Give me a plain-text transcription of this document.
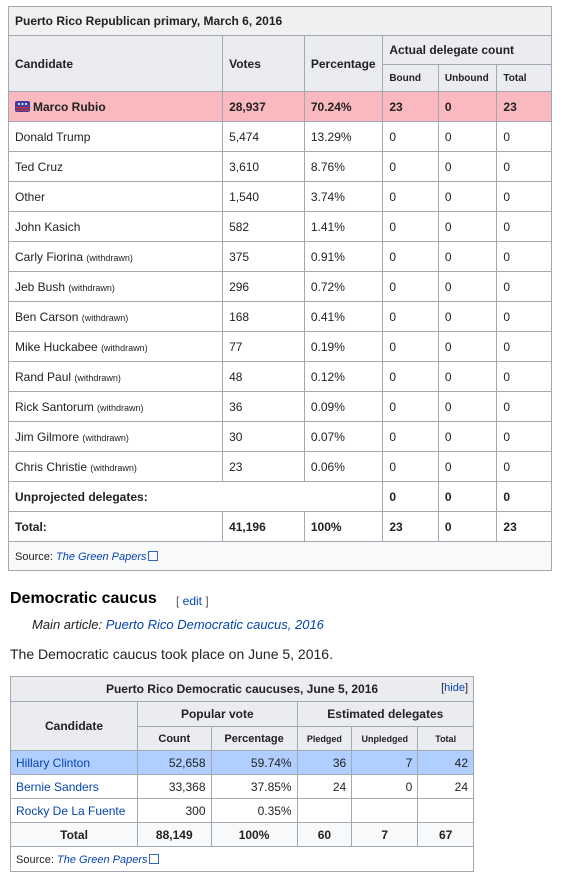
Puerto Rico Republican primary, March 6, 2016					
Candidate	Votes	Percentage	Actual delegate count		
			Bound	Unbound	Total
Marco Rubio	28,937	70.24%	23	0	23
Donald Trump	5,474	13.29%	0	0	0
Ted Cruz	3,610	8.76%	0	0	0
Other	1,540	3.74%	0	0	0
John Kasich	582	1.41%	0	0	0
Carly Fiorina (withdrawn)	375	0.91%	0	0	0
Jeb Bush (withdrawn)	296	0.72%	0	0	0
Ben Carson (withdrawn)	168	0.41%	0	0	0
Mike Huckabee (withdrawn)	77	0.19%	0	0	0
Rand Paul (withdrawn)	48	0.12%	0	0	0
Rick Santorum (withdrawn)	36	0.09%	0	0	0
Jim Gilmore (withdrawn)	30	0.07%	0	0	0
Chris Christie (withdrawn)	23	0.06%	0	0	0
Unprojected delegates:			0	0	0
Total:	41,196	100%	23	0	23
Source: The Green Papers					
Democratic caucus [ edit ]
Main article: Puerto Rico Democratic caucus, 2016

The Democratic caucus took place on June 5, 2016.

Puerto Rico Democratic caucuses, June 5, 2016 [hide]					

Candidate	Popular vote		Estimated delegates		
	Count	Percentage	Pledged	Unpledged	Total
Hillary Clinton	52,658	59.74%	36	7	42
Bernie Sanders	33,368	37.85%	24	0	24
Rocky De La Fuente	300	0.35%			
Total	88,149	100%	60	7	67
Source: The Green Papers					
